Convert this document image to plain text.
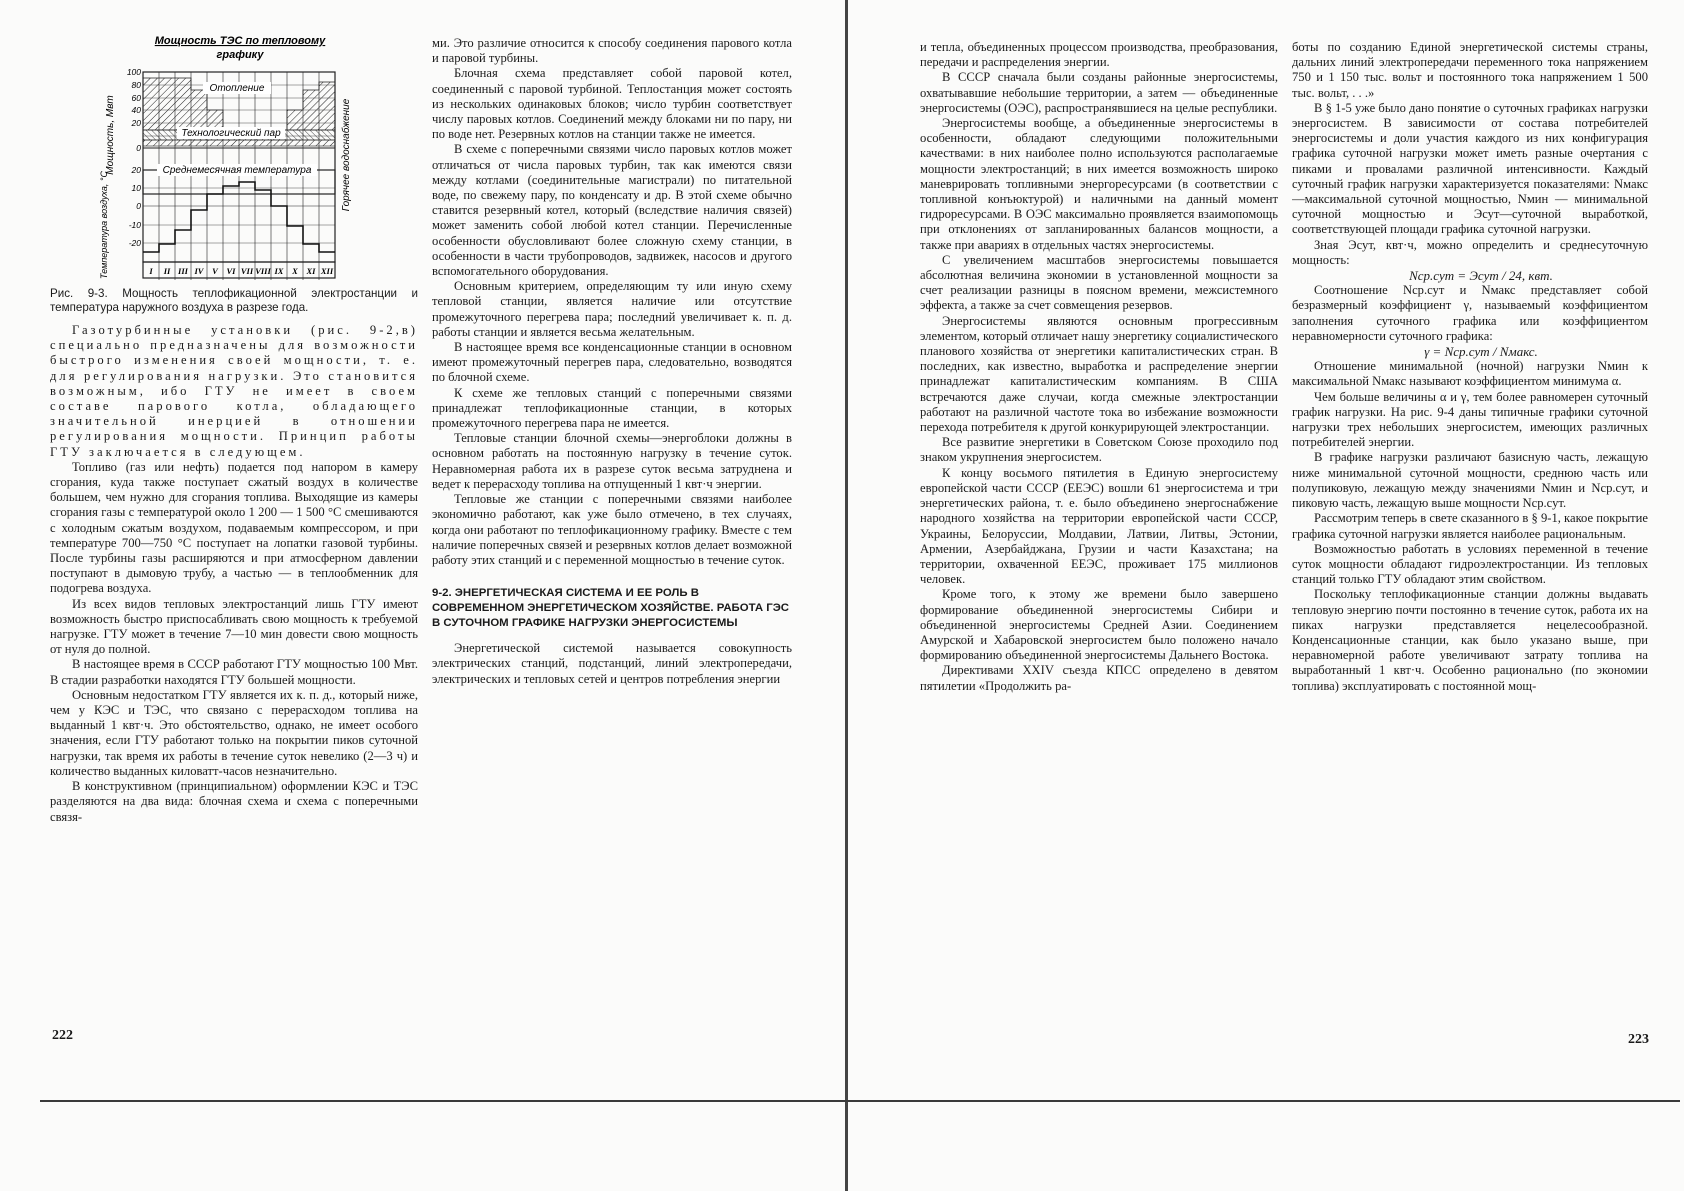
Мощность ТЭС по тепловому
графику
Отопление
Технологический пар
Среднемесячная температура
100
80
60
40
20
0
20
10
0
-10
-20
I II III IV V VI VII VIII IX X XI XII
Мощность, Мвт
Температура воздуха, °С
Горячее водоснабжение
Рис. 9-3. Мощность теплофикационной электростанции и температура наружного воздуха в разрезе года.

Газотурбинные установки (рис. 9-2,в) специально предназначены для возможности быстрого изменения своей мощности, т. е. для регулирования нагрузки. Это становится возможным, ибо ГТУ не имеет в своем составе парового котла, обладающего значительной инерцией в отношении регулирования мощности. Принцип работы ГТУ заключается в следующем.

Топливо (газ или нефть) подается под напором в камеру сгорания, куда также поступает сжатый воздух в количестве большем, чем нужно для сгорания топлива. Выходящие из камеры сгорания газы с температурой около 1 200 — 1 500 °С смешиваются с холодным сжатым воздухом, подаваемым компрессором, и при температуре 700—750 °С поступает на лопатки газовой турбины. После турбины газы расширяются и при атмосферном давлении поступают в дымовую трубу, а частью — в теплообменник для подогрева воздуха.

Из всех видов тепловых электростанций лишь ГТУ имеют возможность быстро приспосабливать свою мощность к требуемой нагрузке. ГТУ может в течение 7—10 мин довести свою мощность от нуля до полной.

В настоящее время в СССР работают ГТУ мощностью 100 Мвт. В стадии разработки находятся ГТУ большей мощности.

Основным недостатком ГТУ является их к. п. д., который ниже, чем у КЭС и ТЭС, что связано с перерасходом топлива на выданный 1 квт·ч. Это обстоятельство, однако, не имеет особого значения, если ГТУ работают только на покрытии пиков суточной нагрузки, так время их работы в течение суток невелико (2—3 ч) и количество выданных киловатт-часов незначительно.

В конструктивном (принципиальном) оформлении КЭС и ТЭС разделяются на два вида: блочная схема и схема с поперечными связя-

ми. Это различие относится к способу соединения парового котла и паровой турбины.

Блочная схема представляет собой паровой котел, соединенный с паровой турбиной. Теплостанция может состоять из нескольких одинаковых блоков; число турбин соответствует числу паровых котлов. Соединений между блоками ни по пару, ни по воде нет. Резервных котлов на станции также не имеется.

В схеме с поперечными связями число паровых котлов может отличаться от числа паровых турбин, так как имеются связи между котлами (соединительные магистрали) по питательной воде, по свежему пару, по конденсату и др. В этой схеме обычно ставится резервный котел, который (вследствие наличия связей) может заменить собой любой котел станции. Перечисленные особенности обусловливают более сложную схему станции, в особенности в части трубопроводов, задвижек, насосов и другого вспомогательного оборудования.

Основным критерием, определяющим ту или иную схему тепловой станции, является наличие или отсутствие промежуточного перегрева пара; последний увеличивает к. п. д. работы станции и является весьма желательным.

В настоящее время все конденсационные станции в основном имеют промежуточный перегрев пара, следовательно, возводятся по блочной схеме.

К схеме же тепловых станций с поперечными связями принадлежат теплофикационные станции, в которых промежуточного перегрева пара не имеется.

Тепловые станции блочной схемы—энергоблоки должны в основном работать на постоянную нагрузку в течение суток. Неравномерная работа их в разрезе суток весьма затруднена и ведет к перерасходу топлива на отпущенный 1 квт·ч энергии.

Тепловые же станции с поперечными связями наиболее экономично работают, как уже было отмечено, в тех случаях, когда они работают по теплофикационному графику. Вместе с тем наличие поперечных связей и резервных котлов делает возможной работу этих станций и с переменной мощностью в течение суток.

9-2. ЭНЕРГЕТИЧЕСКАЯ СИСТЕМА И ЕЕ РОЛЬ В СОВРЕМЕННОМ ЭНЕРГЕТИЧЕСКОМ ХОЗЯЙСТВЕ. РАБОТА ГЭС В СУТОЧНОМ ГРАФИКЕ НАГРУЗКИ ЭНЕРГОСИСТЕМЫ

Энергетической системой называется совокупность электрических станций, подстанций, линий электропередачи, электрических и тепловых сетей и центров потребления энергии

222

и тепла, объединенных процессом производства, преобразования, передачи и распределения энергии.

В СССР сначала были созданы районные энергосистемы, охватывавшие небольшие территории, а затем — объединенные энергосистемы (ОЭС), распространявшиеся на целые республики.

Энергосистемы вообще, а объединенные энергосистемы в особенности, обладают следующими положительными качествами: в них наиболее полно используются располагаемые мощности электростанций; в них имеется возможность широко маневрировать топливными энергоресурсами (в соответствии с топливной конъюктурой) и наличными на данный момент гидроресурсами. В ОЭС максимально проявляется взаимопомощь при отклонениях от запланированных балансов мощности, а также при авариях в отдельных частях энергосистемы.

С увеличением масштабов энергосистемы повышается абсолютная величина экономии в установленной мощности за счет реализации разницы в поясном времени, межсистемного эффекта, а также за счет совмещения резервов.

Энергосистемы являются основным прогрессивным элементом, который отличает нашу энергетику социалистического планового хозяйства от энергетики капиталистических стран. В последних, как известно, выработка и распределение энергии принадлежат капиталистическим компаниям. В США встречаются даже случаи, когда смежные электростанции работают на различной частоте тока во избежание возможности перехода потребителя к другой конкурирующей электростанции.

Все развитие энергетики в Советском Союзе проходило под знаком укрупнения энергосистем.

К концу восьмого пятилетия в Единую энергосистему европейской части СССР (ЕЕЭС) вошли 61 энергосистема и три энергетических района, т. е. было объединено энергоснабжение народного хозяйства на территории европейской части СССР, Украины, Белоруссии, Молдавии, Латвии, Литвы, Эстонии, Армении, Азербайджана, Грузии и части Казахстана; на территории, охваченной ЕЕЭС, проживает 175 миллионов человек.

Кроме того, к этому же времени было завершено формирование объединенной энергосистемы Сибири и объединенной энергосистемы Средней Азии. Соединением Амурской и Хабаровской энергосистем было положено начало формированию объединенной энергосистемы Дальнего Востока.

Директивами XXIV съезда КПСС определено в девятом пятилетии «Продолжить ра-

боты по созданию Единой энергетической системы страны, дальних линий электропередачи переменного тока напряжением 750 и 1 150 тыс. вольт и постоянного тока напряжением 1 500 тыс. вольт, . . .»

В § 1-5 уже было дано понятие о суточных графиках нагрузки энергосистем. В зависимости от состава потребителей энергосистемы и доли участия каждого из них конфигурация графика суточной нагрузки может иметь разные очертания с пиками и провалами различной интенсивности. Каждый суточный график нагрузки характеризуется показателями: Nмакс—максимальной суточной мощностью, Nмин — минимальной суточной мощностью и Эсут—суточной выработкой, соответствующей площади графика суточной нагрузки.

Зная Эсут, квт·ч, можно определить и среднесуточную мощность:

Nср.сут = Эсут / 24, квт.

Соотношение Nср.сут и Nмакс представляет собой безразмерный коэффициент γ, называемый коэффициентом заполнения суточного графика или коэффициентом неравномерности суточного графика:

γ = Nср.сут / Nмакс.

Отношение минимальной (ночной) нагрузки Nмин к максимальной Nмакс называют коэффициентом минимума α.

Чем больше величины α и γ, тем более равномерен суточный график нагрузки. На рис. 9-4 даны типичные графики суточной нагрузки трех небольших энергосистем, имеющих различных потребителей энергии.

В графике нагрузки различают базисную часть, лежащую ниже минимальной суточной мощности, среднюю часть или полупиковую, лежащую между значениями Nмин и Nср.сут, и пиковую часть, лежащую выше мощности Nср.сут.

Рассмотрим теперь в свете сказанного в § 9-1, какое покрытие графика суточной нагрузки является наиболее рациональным.

Возможностью работать в условиях переменной в течение суток мощности обладают гидроэлектростанции. Из тепловых станций только ГТУ обладают этим свойством.

Поскольку теплофикационные станции должны выдавать тепловую энергию почти постоянно в течение суток, работа их на пиках нагрузки представляется нецелесообразной. Конденсационные станции, как было указано выше, при неравномерной работе увеличивают затрату топлива на выработанный 1 квт·ч. Особенно рационально (по экономии топлива) эксплуатировать с постоянной мощ-

223
